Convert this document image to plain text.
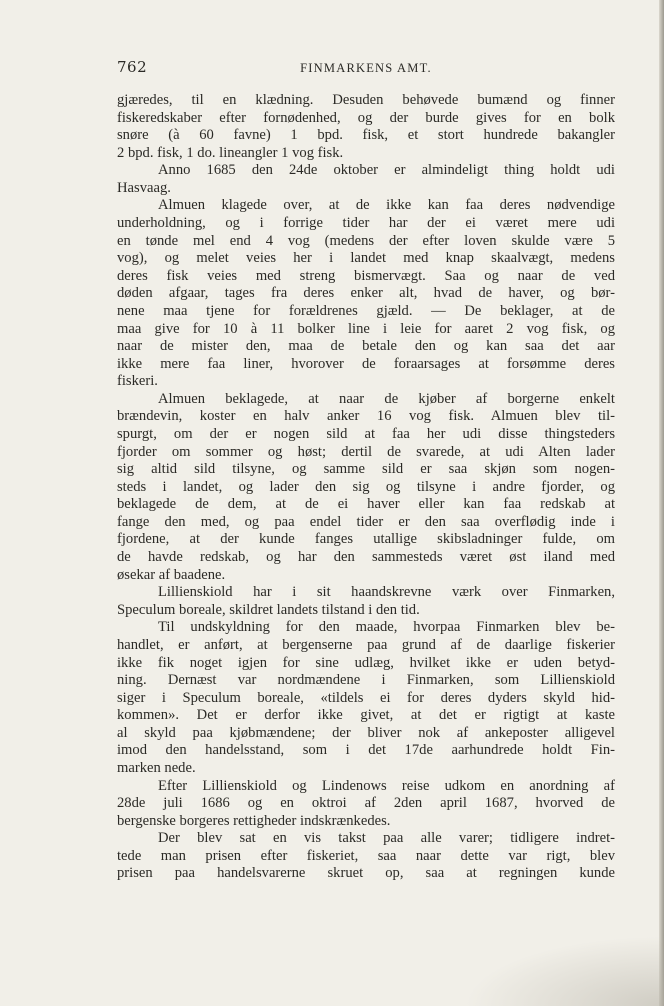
762	FINMARKENS AMT.
gjæredes, til en klædning. Desuden behøvede bumænd og finner
fiskeredskaber efter fornødenhed, og der burde gives for en bolk
snøre (à 60 favne) 1 bpd. fisk, et stort hundrede bakangler
2 bpd. fisk, 1 do. lineangler 1 vog fisk.
Anno 1685 den 24de oktober er almindeligt thing holdt udi
Hasvaag.
Almuen klagede over, at de ikke kan faa deres nødvendige
underholdning, og i forrige tider har der ei været mere udi
en tønde mel end 4 vog (medens der efter loven skulde være 5
vog), og melet veies her i landet med knap skaalvægt, medens
deres fisk veies med streng bismervægt. Saa og naar de ved
døden afgaar, tages fra deres enker alt, hvad de haver, og bør-
nene maa tjene for forældrenes gjæld. — De beklager, at de
maa give for 10 à 11 bolker line i leie for aaret 2 vog fisk, og
naar de mister den, maa de betale den og kan saa det aar
ikke mere faa liner, hvorover de foraarsages at forsømme deres
fiskeri.
Almuen beklagede, at naar de kjøber af borgerne enkelt
brændevin, koster en halv anker 16 vog fisk. Almuen blev til-
spurgt, om der er nogen sild at faa her udi disse thingsteders
fjorder om sommer og høst; dertil de svarede, at udi Alten lader
sig altid sild tilsyne, og samme sild er saa skjøn som nogen-
steds i landet, og lader den sig og tilsyne i andre fjorder, og
beklagede de dem, at de ei haver eller kan faa redskab at
fange den med, og paa endel tider er den saa overflødig inde i
fjordene, at der kunde fanges utallige skibsladninger fulde, om
de havde redskab, og har den sammesteds været øst iland med
øsekar af baadene.
Lillienskiold har i sit haandskrevne værk over Finmarken,
Speculum boreale, skildret landets tilstand i den tid.
Til undskyldning for den maade, hvorpaa Finmarken blev be-
handlet, er anført, at bergenserne paa grund af de daarlige fiskerier
ikke fik noget igjen for sine udlæg, hvilket ikke er uden betyd-
ning. Dernæst var nordmændene i Finmarken, som Lillienskiold
siger i Speculum boreale, «tildels ei for deres dyders skyld hid-
kommen». Det er derfor ikke givet, at det er rigtigt at kaste
al skyld paa kjøbmændene; der bliver nok af ankeposter alligevel
imod den handelsstand, som i det 17de aarhundrede holdt Fin-
marken nede.
Efter Lillienskiold og Lindenows reise udkom en anordning af
28de juli 1686 og en oktroi af 2den april 1687, hvorved de
bergenske borgeres rettigheder indskrænkedes.
Der blev sat en vis takst paa alle varer; tidligere indret-
tede man prisen efter fiskeriet, saa naar dette var rigt, blev
prisen paa handelsvarerne skruet op, saa at regningen kunde
